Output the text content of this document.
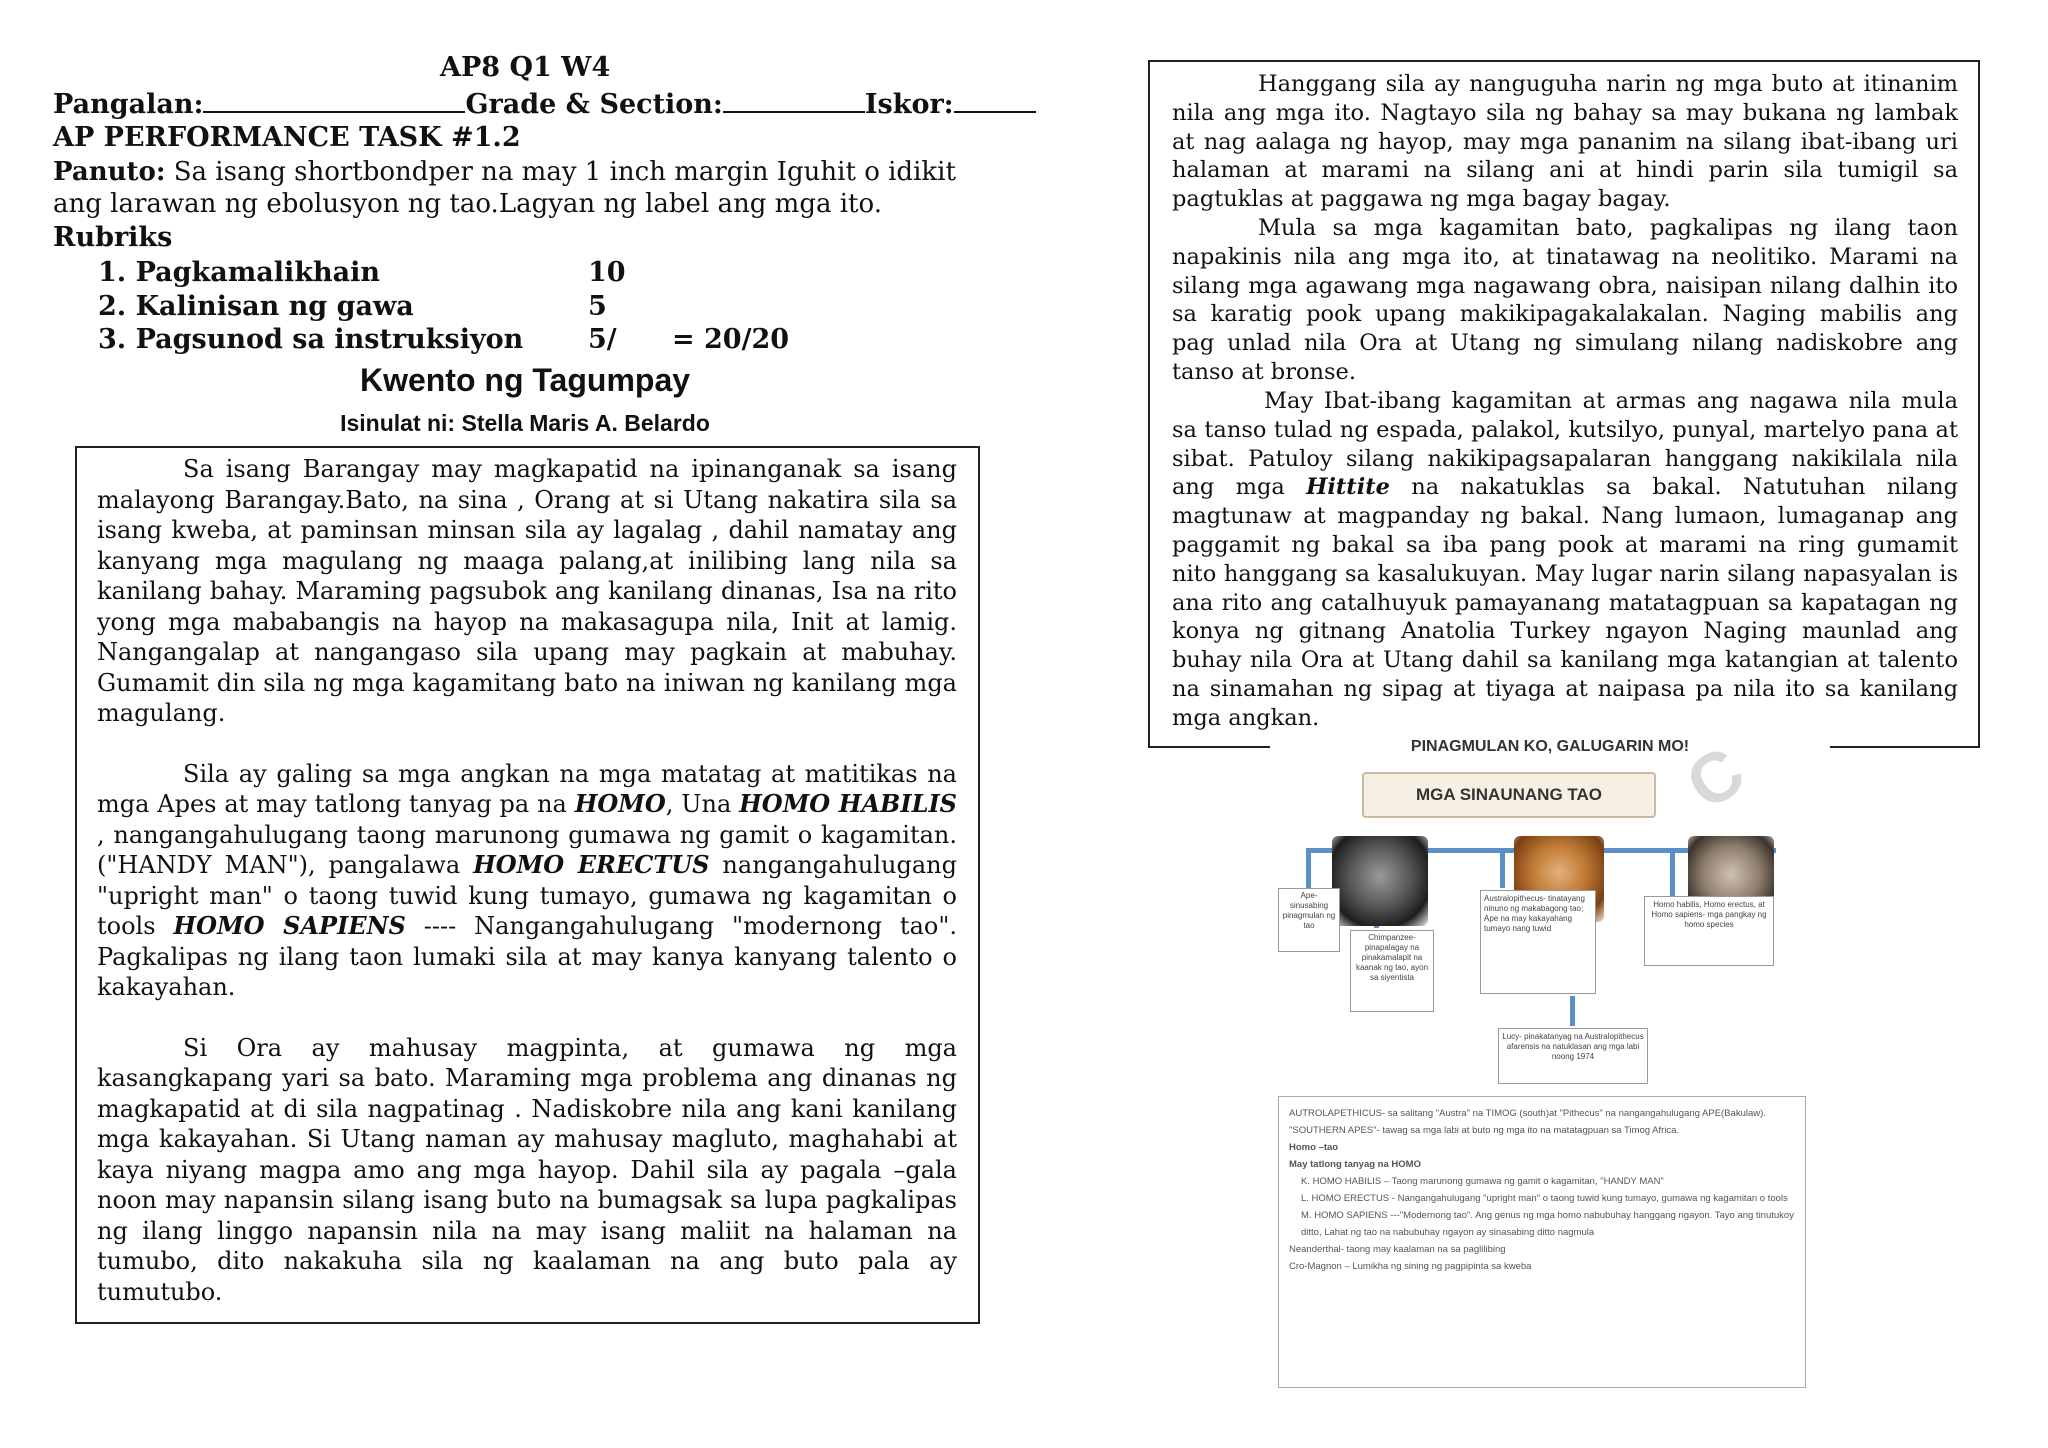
AP8 Q1 W4
Pangalan:	Grade & Section:	Iskor:
AP PERFORMANCE TASK #1.2
Panuto: Sa isang shortbondper na may 1 inch margin Iguhit o idikit ang larawan ng ebolusyon ng tao.Lagyan ng label ang mga ito.
Rubriks
1. Pagkamalikhain	10
2. Kalinisan ng gawa	5
3. Pagsunod sa instruksiyon 5/ = 20/20
Kwento ng Tagumpay
Isinulat ni: Stella Maris A. Belardo

Sa isang Barangay may magkapatid na ipinanganak sa isang malayong Barangay.Bato, na sina , Orang at si Utang nakatira sila sa isang kweba, at paminsan minsan sila ay lagalag , dahil namatay ang kanyang mga magulang ng maaga palang,at inilibing lang nila sa kanilang bahay. Maraming pagsubok ang kanilang dinanas, Isa na rito yong mga mababangis na hayop na makasagupa nila, Init at lamig. Nangangalap at nangangaso sila upang may pagkain at mabuhay. Gumamit din sila ng mga kagamitang bato na iniwan ng kanilang mga magulang.

Sila ay galing sa mga angkan na mga matatag at matitikas na mga Apes at may tatlong tanyag pa na HOMO, Una HOMO HABILIS , nangangahulugang taong marunong gumawa ng gamit o kagamitan.("HANDY MAN"), pangalawa HOMO ERECTUS nangangahulugang "upright man" o taong tuwid kung tumayo, gumawa ng kagamitan o tools HOMO SAPIENS ---- Nangangahulugang "modernong tao". Pagkalipas ng ilang taon lumaki sila at may kanya kanyang talento o kakayahan.

Si Ora ay mahusay magpinta, at gumawa ng mga kasangkapang yari sa bato. Maraming mga problema ang dinanas ng magkapatid at di sila nagpatinag . Nadiskobre nila ang kani kanilang mga kakayahan. Si Utang naman ay mahusay magluto, maghahabi at kaya niyang magpa amo ang mga hayop. Dahil sila ay pagala –gala noon may napansin silang isang buto na bumagsak sa lupa pagkalipas ng ilang linggo napansin nila na may isang maliit na halaman na tumubo, dito nakakuha sila ng kaalaman na ang buto pala ay tumutubo.

Hanggang sila ay nanguguha narin ng mga buto at itinanim nila ang mga ito. Nagtayo sila ng bahay sa may bukana ng lambak at nag aalaga ng hayop, may mga pananim na silang ibat-ibang uri halaman at marami na silang ani at hindi parin sila tumigil sa pagtuklas at paggawa ng mga bagay bagay.

Mula sa mga kagamitan bato, pagkalipas ng ilang taon napakinis nila ang mga ito, at tinatawag na neolitiko. Marami na silang mga agawang mga nagawang obra, naisipan nilang dalhin ito sa karatig pook upang makikipagakalakalan. Naging mabilis ang pag unlad nila Ora at Utang ng simulang nilang nadiskobre ang tanso at bronse.

May Ibat-ibang kagamitan at armas ang nagawa nila mula sa tanso tulad ng espada, palakol, kutsilyo, punyal, martelyo pana at sibat. Patuloy silang nakikipagsapalaran hanggang nakikilala nila ang mga Hittite na nakatuklas sa bakal. Natutuhan nilang magtunaw at magpanday ng bakal. Nang lumaon, lumaganap ang paggamit ng bakal sa iba pang pook at marami na ring gumamit nito hanggang sa kasalukuyan. May lugar narin silang napasyalan is ana rito ang catalhuyuk pamayanang matatagpuan sa kapatagan ng konya ng gitnang Anatolia Turkey ngayon Naging maunlad ang buhay nila Ora at Utang dahil sa kanilang mga katangian at talento na sinamahan ng sipag at tiyaga at naipasa pa nila ito sa kanilang mga angkan.

PINAGMULAN KO, GALUGARIN MO!
C
MGA SINAUNANG TAO
Ape- sinusabing pinagmulan ng tao
Chimpanzee- pinapalagay na pinakamalapit na kaanak ng tao, ayon sa siyentista
Australopithecus- tinatayang ninuno ng makabagong tao; Ape na may kakayahang tumayo nang tuwid
Homo habilis, Homo erectus, at Homo sapiens- mga pangkay ng homo species
Lucy- pinakatanyag na Australopithecus afarensis na natuklasan ang mga labi noong 1974
AUTROLAPETHICUS- sa salitang "Austra" na TIMOG (south)at "Pithecus" na nangangahulugang APE(Bakulaw).
"SOUTHERN APES"- tawag sa mga labi at buto ng mga ito na matatagpuan sa Timog Africa.
Homo –tao
May tatlong tanyag na HOMO
K. HOMO HABILIS – Taong marunong gumawa ng gamit o kagamitan, "HANDY MAN"
L. HOMO ERECTUS - Nangangahulugang "upright man" o taong tuwid kung tumayo, gumawa ng kagamitan o tools
M. HOMO SAPIENS ---"Modernong tao". Ang genus ng mga homo nabubuhay hanggang ngayon. Tayo ang tinutukoy ditto, Lahat ng tao na nabubuhay ngayon ay sinasabing ditto nagmula
Neanderthal- taong may kaalaman na sa paglilibing
Cro-Magnon – Lumikha ng sining ng pagpipinta sa kweba
